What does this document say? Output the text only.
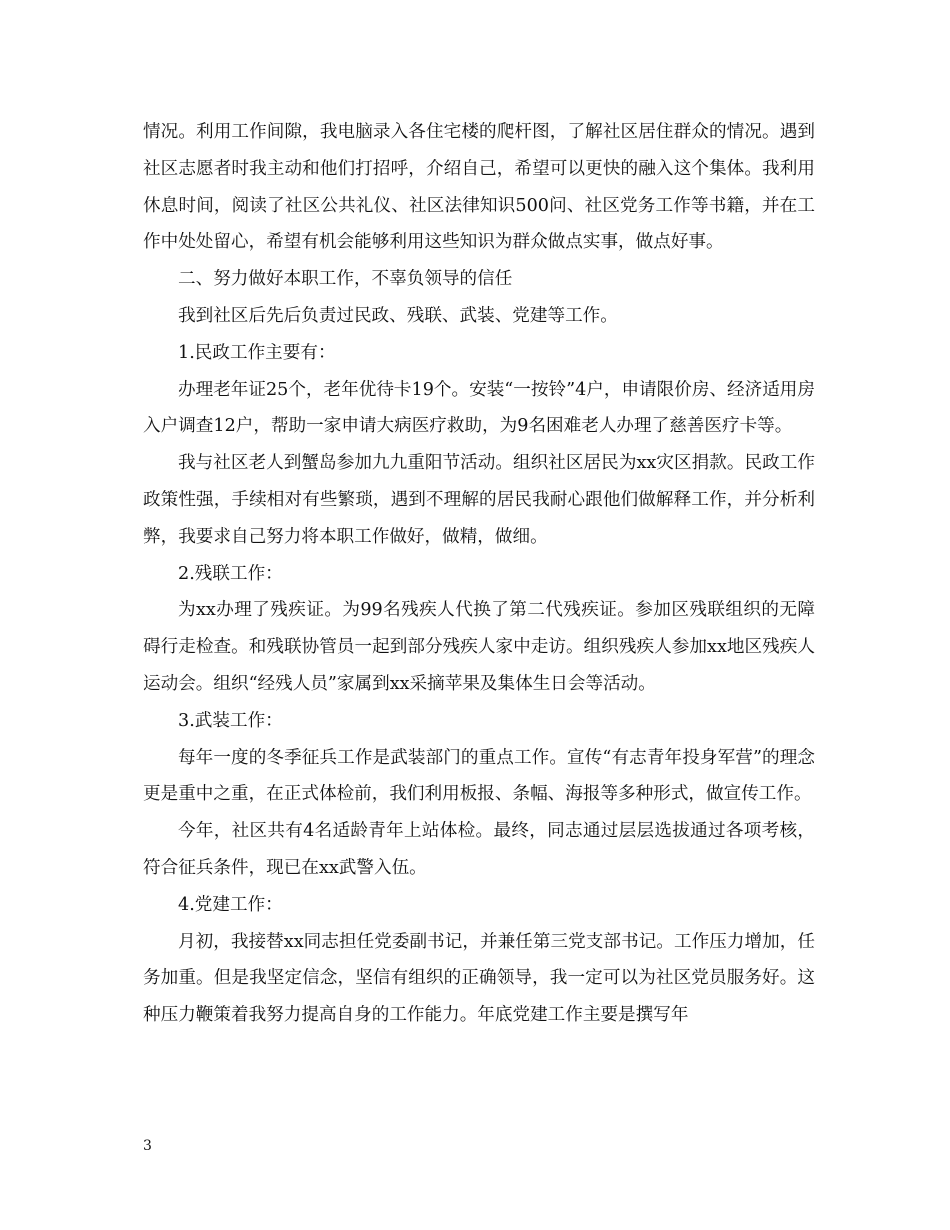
情况。利用工作间隙，我电脑录入各住宅楼的爬杆图，了解社区居住群众的情况。遇到社区志愿者时我主动和他们打招呼，介绍自己，希望可以更快的融入这个集体。我利用休息时间，阅读了社区公共礼仪、社区法律知识500问、社区党务工作等书籍，并在工作中处处留心，希望有机会能够利用这些知识为群众做点实事，做点好事。

二、努力做好本职工作，不辜负领导的信任

我到社区后先后负责过民政、残联、武装、党建等工作。

1.民政工作主要有：

办理老年证25个，老年优待卡19个。安装“一按铃”4户，申请限价房、经济适用房入户调查12户，帮助一家申请大病医疗救助，为9名困难老人办理了慈善医疗卡等。

我与社区老人到蟹岛参加九九重阳节活动。组织社区居民为xx灾区捐款。民政工作政策性强，手续相对有些繁琐，遇到不理解的居民我耐心跟他们做解释工作，并分析利弊，我要求自己努力将本职工作做好，做精，做细。

2.残联工作：

为xx办理了残疾证。为99名残疾人代换了第二代残疾证。参加区残联组织的无障碍行走检查。和残联协管员一起到部分残疾人家中走访。组织残疾人参加xx地区残疾人运动会。组织“经残人员”家属到xx采摘苹果及集体生日会等活动。

3.武装工作：

每年一度的冬季征兵工作是武装部门的重点工作。宣传“有志青年投身军营”的理念更是重中之重，在正式体检前，我们利用板报、条幅、海报等多种形式，做宣传工作。

今年，社区共有4名适龄青年上站体检。最终，同志通过层层选拔通过各项考核，符合征兵条件，现已在xx武警入伍。

4.党建工作：

月初，我接替xx同志担任党委副书记，并兼任第三党支部书记。工作压力增加，任务加重。但是我坚定信念，坚信有组织的正确领导，我一定可以为社区党员服务好。这种压力鞭策着我努力提高自身的工作能力。年底党建工作主要是撰写年

3
